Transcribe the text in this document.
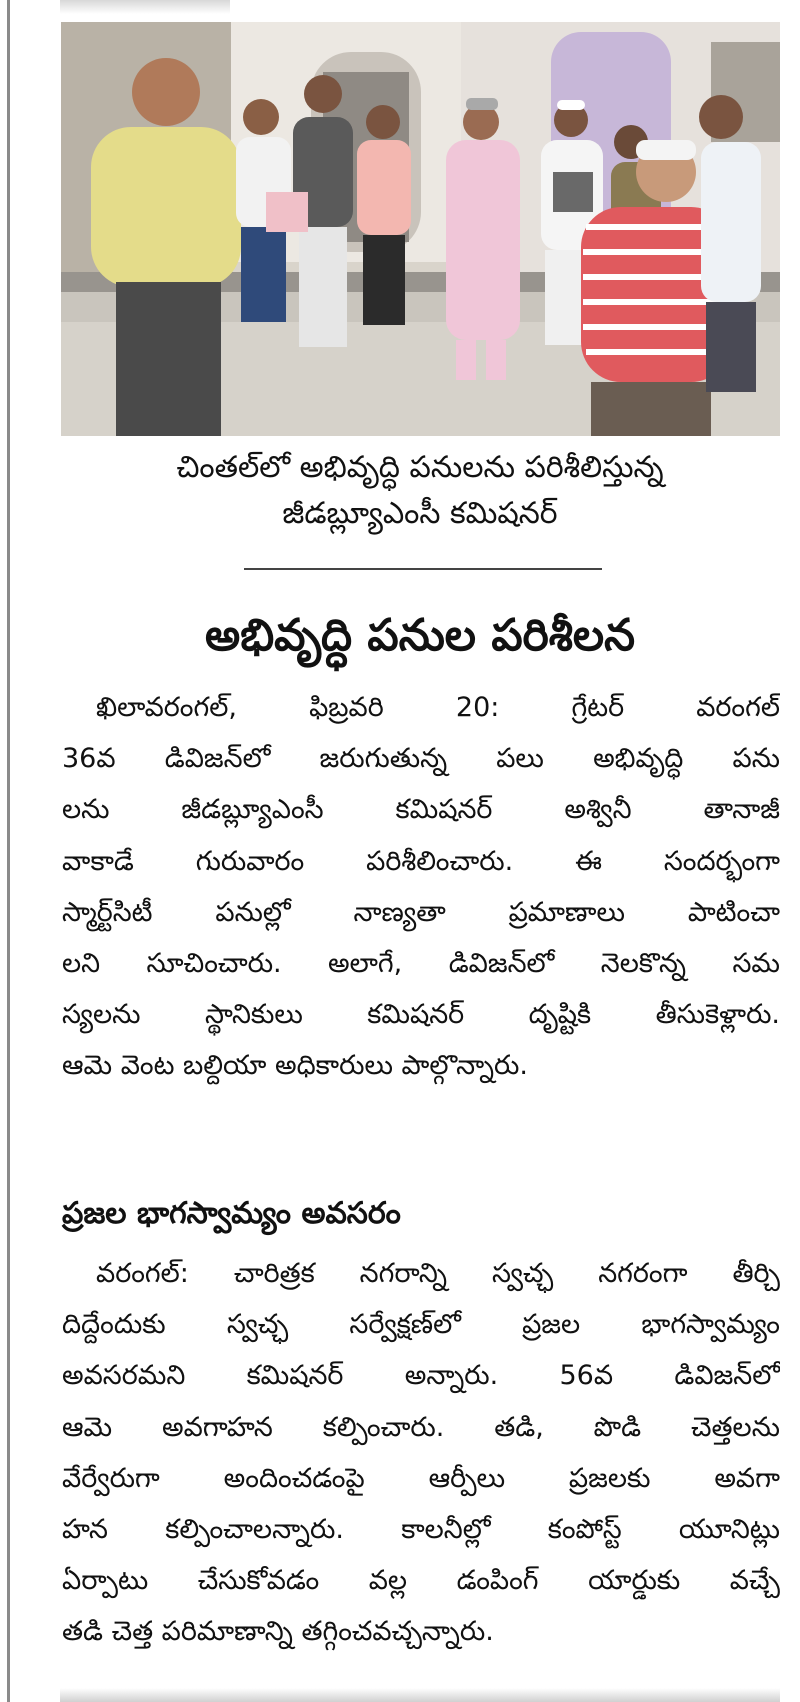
చింతల్‌లో అభివృద్ధి పనులను పరిశీలిస్తున్న
జీడబ్ల్యూఎంసీ కమిషనర్
అభివృద్ధి పనుల పరిశీలన
ఖిలావరంగల్, ఫిబ్రవరి 20: గ్రేటర్ వరంగల్
36వ డివిజన్‌లో జరుగుతున్న పలు అభివృద్ధి పను
లను జీడబ్ల్యూఎంసీ కమిషనర్ అశ్వినీ తానాజీ
వాకాడే గురువారం పరిశీలించారు. ఈ సందర్భంగా
స్మార్ట్‌సిటీ పనుల్లో నాణ్యతా ప్రమాణాలు పాటించా
లని సూచించారు. అలాగే, డివిజన్‌లో నెలకొన్న సమ
స్యలను స్థానికులు కమిషనర్ దృష్టికి తీసుకెళ్లారు.
ఆమె వెంట బల్దియా అధికారులు పాల్గొన్నారు.
ప్రజల భాగస్వామ్యం అవసరం
వరంగల్: చారిత్రక నగరాన్ని స్వచ్ఛ నగరంగా తీర్చి
దిద్దేందుకు స్వచ్ఛ సర్వేక్షణ్‌లో ప్రజల భాగస్వామ్యం
అవసరమని కమిషనర్ అన్నారు. 56వ డివిజన్‌లో
ఆమె అవగాహన కల్పించారు. తడి, పొడి చెత్తలను
వేర్వేరుగా అందించడంపై ఆర్పీలు ప్రజలకు అవగా
హన కల్పించాలన్నారు. కాలనీల్లో కంపోస్ట్ యూనిట్లు
ఏర్పాటు చేసుకోవడం వల్ల డంపింగ్ యార్డుకు వచ్చే
తడి చెత్త పరిమాణాన్ని తగ్గించవచ్చన్నారు.
